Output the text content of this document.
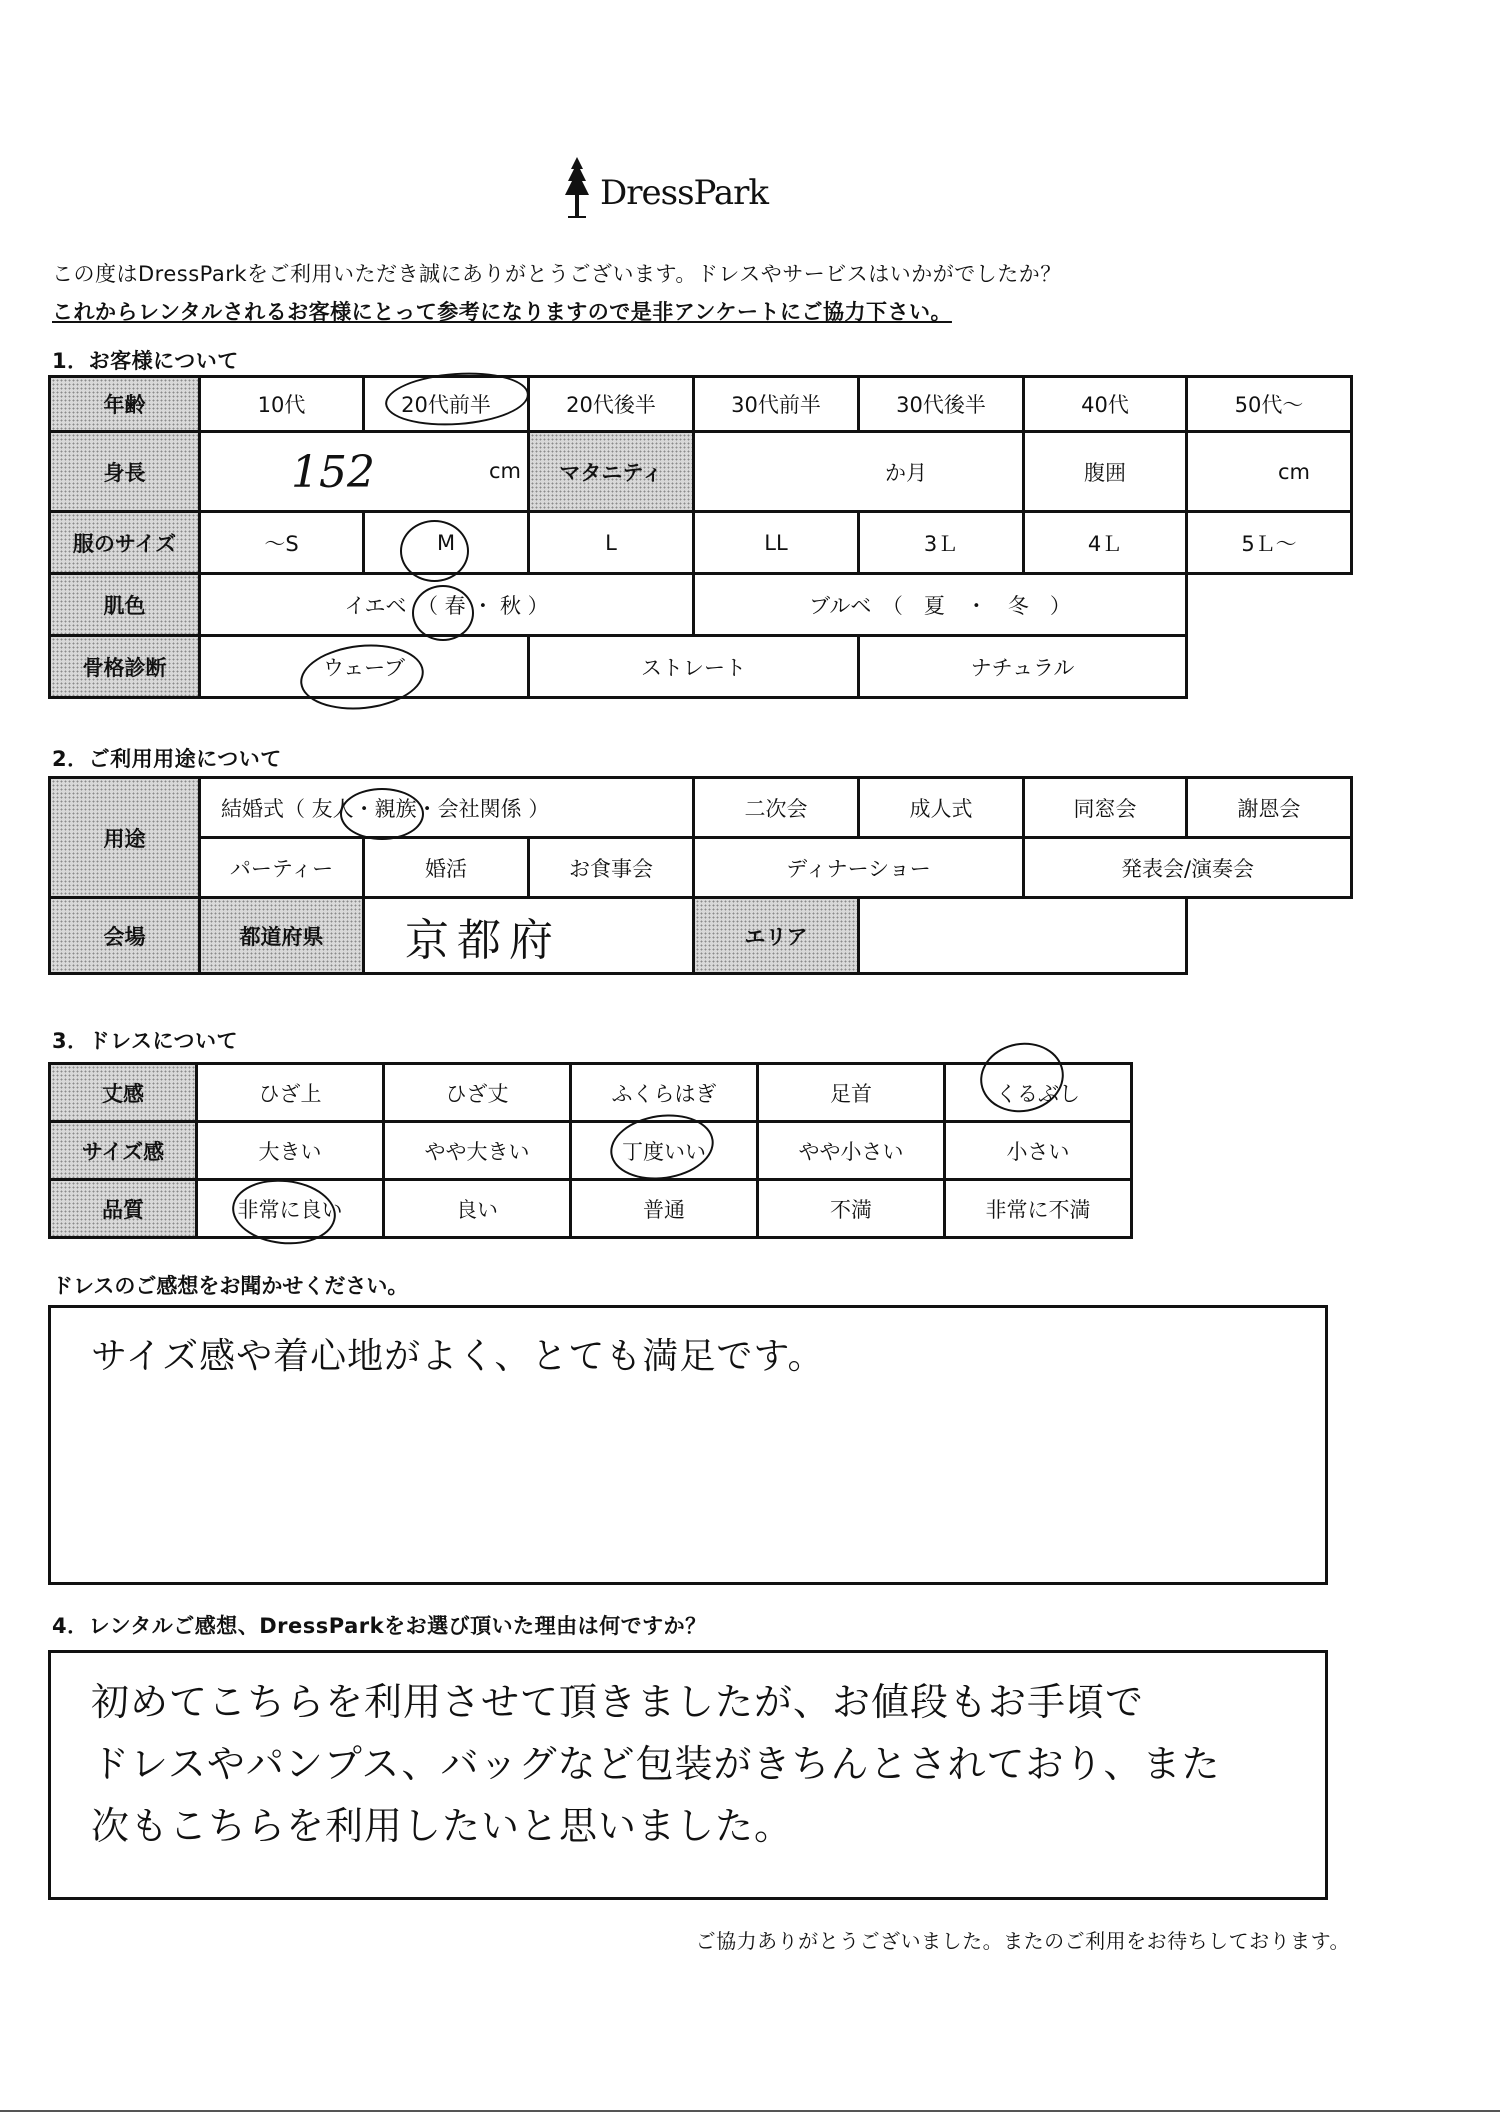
DressPark
この度はDressParkをご利用いただき誠にありがとうございます。ドレスやサービスはいかがでしたか？
これからレンタルされるお客様にとって参考になりますので是非アンケートにご協力下さい。
1．お客様について
年齢	10代	20代前半	20代後半	30代前半	30代後半	40代	50代～
身長	152 cm		マタニティ	か月		腹囲	cm
服のサイズ	～S	M	L	LL	3Ｌ	4Ｌ	5Ｌ～
肌色	イエベ　（ 春 ・ 秋 ）			ブルベ　（　夏　・　冬　）			
骨格診断	ウェーブ		ストレート		ナチュラル		
2．ご利用用途について
用途	結婚式（ 友人・親族・会社関係 ）			二次会	成人式	同窓会	謝恩会
	パーティー	婚活	お食事会	ディナーショー		発表会/演奏会	
会場	都道府県	京都府		エリア			
3．ドレスについて
丈感	ひざ上	ひざ丈	ふくらはぎ	足首	くるぶし
サイズ感	大きい	やや大きい	丁度いい	やや小さい	小さい
品質	非常に良い	良い	普通	不満	非常に不満
ドレスのご感想をお聞かせください。
サイズ感や着心地がよく、とても満足です。
4．レンタルご感想、DressParkをお選び頂いた理由は何ですか？
初めてこちらを利用させて頂きましたが、お値段もお手頃で
ドレスやパンプス、バッグなど包装がきちんとされており、また
次もこちらを利用したいと思いました。
ご協力ありがとうございました。またのご利用をお待ちしております。
